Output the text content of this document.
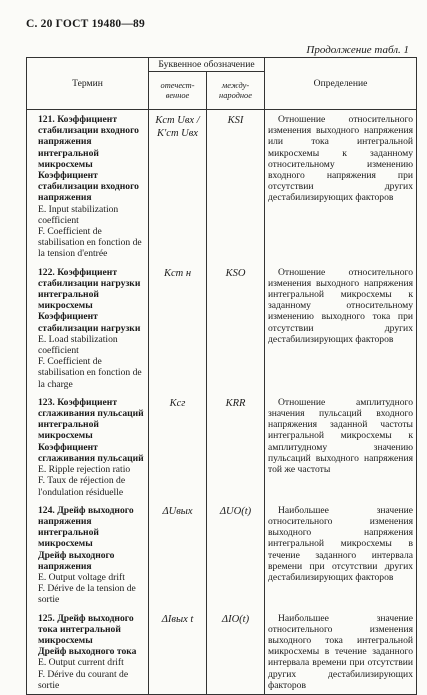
С. 20 ГОСТ 19480—89
Продолжение табл. 1
Термин	Буквенное обозначение		Определение
	отечест-
венное	между-
народное	

121. Коэффициент стабилизации входного напряжения интегральной микросхемы
Коэффициент стабилизации входного напряжения
E. Input stabilization coefficient
F. Coefficient de stabilisation en fonction de la tension d'entrée	Kст Uвх / K'ст Uвх	KSI	Отношение относительного изменения выходного напряжения или тока интегральной микросхемы к заданному относительному изменению входного напряжения при отсутствии других дестабилизирующих факторов

122. Коэффициент стабилизации нагрузки интегральной микросхемы
Коэффициент стабилизации нагрузки
E. Load stabilization coefficient
F. Coefficient de stabilisation en fonction de la charge	Kст н	KSO	Отношение относительного изменения выходного напряжения интегральной микросхемы к заданному относительному изменению выходного тока при отсутствии других дестабилизирующих факторов

123. Коэффициент сглаживания пульсаций интегральной микросхемы
Коэффициент сглаживания пульсаций
E. Ripple rejection ratio
F. Taux de réjection de l'ondulation résiduelle	Kсг	KRR	Отношение амплитудного значения пульсаций входного напряжения заданной частоты интегральной микросхемы к амплитудному значению пульсаций выходного напряжения той же частоты

124. Дрейф выходного напряжения интегральной микросхемы
Дрейф выходного напряжения
E. Output voltage drift
F. Dérive de la tension de sortie	ΔUвых	ΔUO(t)	Наибольшее значение относительного изменения выходного напряжения интегральной микросхемы в течение заданного интервала времени при отсутствии других дестабилизирующих факторов

125. Дрейф выходного тока интегральной микросхемы
Дрейф выходного тока
E. Output current drift
F. Dérive du courant de sortie	ΔIвых t	ΔIO(t)	Наибольшее значение относительного изменения выходного тока интегральной микросхемы в течение заданного интервала времени при отсутствии других дестабилизирующих факторов
